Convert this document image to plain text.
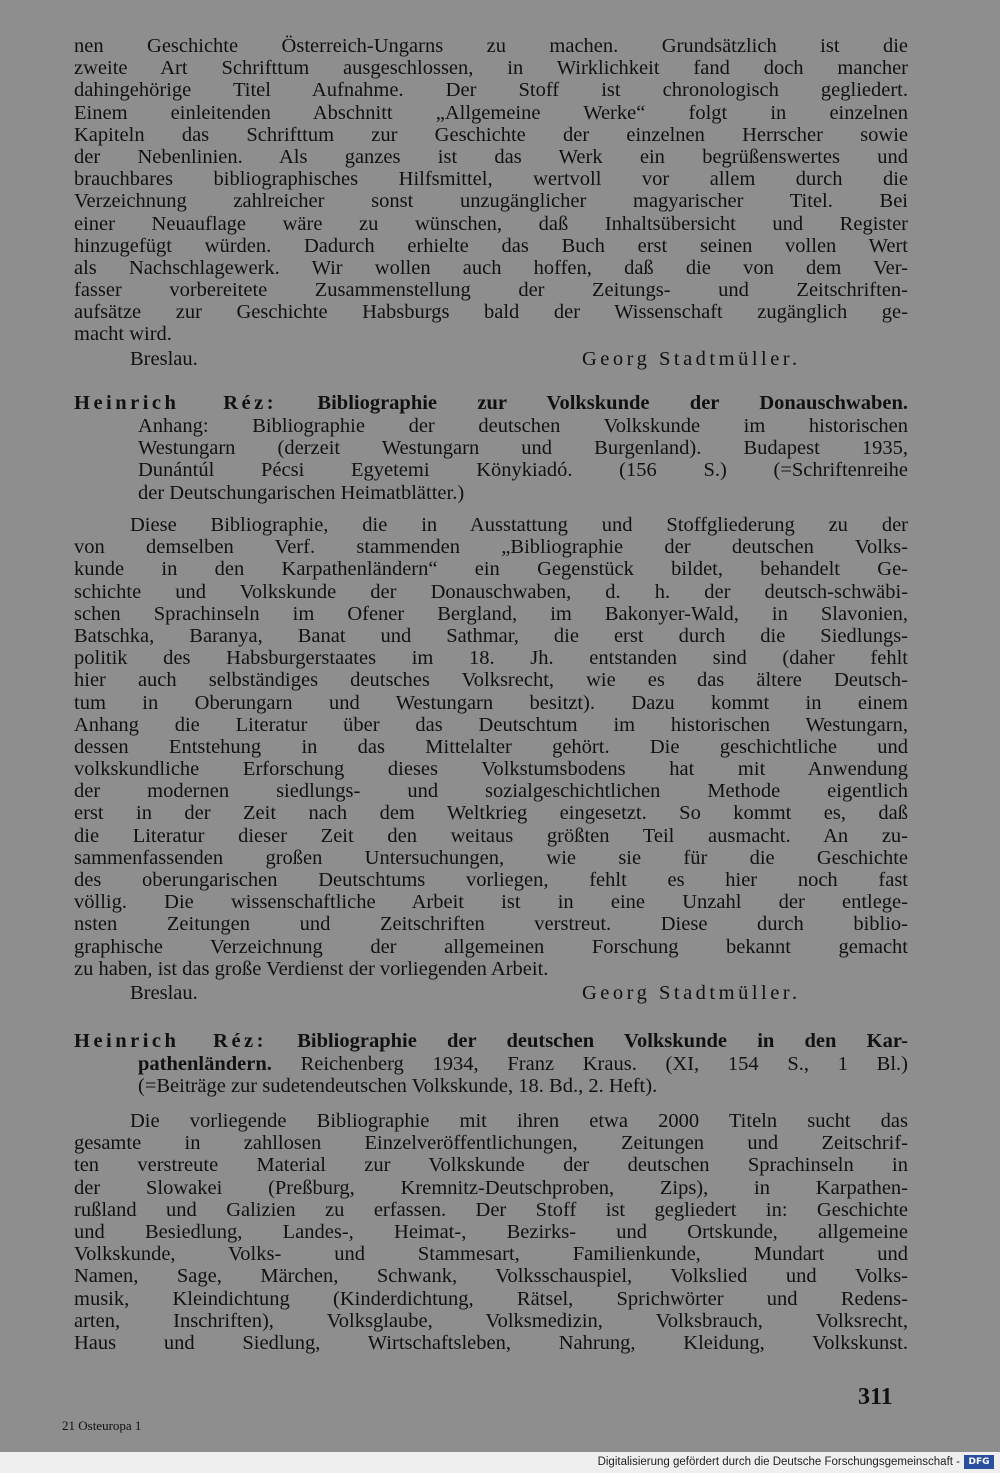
nen Geschichte Österreich-Ungarns zu machen. Grundsätzlich ist die
zweite Art Schrifttum ausgeschlossen, in Wirklichkeit fand doch mancher
dahingehörige Titel Aufnahme. Der Stoff ist chronologisch gegliedert.
Einem einleitenden Abschnitt „Allgemeine Werke“ folgt in einzelnen
Kapiteln das Schrifttum zur Geschichte der einzelnen Herrscher sowie
der Nebenlinien. Als ganzes ist das Werk ein begrüßenswertes und
brauchbares bibliographisches Hilfsmittel, wertvoll vor allem durch die
Verzeichnung zahlreicher sonst unzugänglicher magyarischer Titel. Bei
einer Neuauflage wäre zu wünschen, daß Inhaltsübersicht und Register
hinzugefügt würden. Dadurch erhielte das Buch erst seinen vollen Wert
als Nachschlagewerk. Wir wollen auch hoffen, daß die von dem Ver-
fasser vorbereitete Zusammenstellung der Zeitungs- und Zeitschriften-
aufsätze zur Geschichte Habsburgs bald der Wissenschaft zugänglich ge-
macht wird.
Breslau.	Georg Stadtmüller.
Heinrich Réz: Bibliographie zur Volkskunde der Donauschwaben.
Anhang: Bibliographie der deutschen Volkskunde im historischen
Westungarn (derzeit Westungarn und Burgenland). Budapest 1935,
Dunántúl Pécsi Egyetemi Könykiadó. (156 S.) (=Schriftenreihe
der Deutschungarischen Heimatblätter.)
Diese Bibliographie, die in Ausstattung und Stoffgliederung zu der
von demselben Verf. stammenden „Bibliographie der deutschen Volks-
kunde in den Karpathenländern“ ein Gegenstück bildet, behandelt Ge-
schichte und Volkskunde der Donauschwaben, d. h. der deutsch-schwäbi-
schen Sprachinseln im Ofener Bergland, im Bakonyer-Wald, in Slavonien,
Batschka, Baranya, Banat und Sathmar, die erst durch die Siedlungs-
politik des Habsburgerstaates im 18. Jh. entstanden sind (daher fehlt
hier auch selbständiges deutsches Volksrecht, wie es das ältere Deutsch-
tum in Oberungarn und Westungarn besitzt). Dazu kommt in einem
Anhang die Literatur über das Deutschtum im historischen Westungarn,
dessen Entstehung in das Mittelalter gehört. Die geschichtliche und
volkskundliche Erforschung dieses Volkstumsbodens hat mit Anwendung
der modernen siedlungs- und sozialgeschichtlichen Methode eigentlich
erst in der Zeit nach dem Weltkrieg eingesetzt. So kommt es, daß
die Literatur dieser Zeit den weitaus größten Teil ausmacht. An zu-
sammenfassenden großen Untersuchungen, wie sie für die Geschichte
des oberungarischen Deutschtums vorliegen, fehlt es hier noch fast
völlig. Die wissenschaftliche Arbeit ist in eine Unzahl der entlege-
nsten Zeitungen und Zeitschriften verstreut. Diese durch biblio-
graphische Verzeichnung der allgemeinen Forschung bekannt gemacht
zu haben, ist das große Verdienst der vorliegenden Arbeit.
Breslau.	Georg Stadtmüller.
Heinrich Réz: Bibliographie der deutschen Volkskunde in den Kar-
pathenländern. Reichenberg 1934, Franz Kraus. (XI, 154 S., 1 Bl.)
(=Beiträge zur sudetendeutschen Volkskunde, 18. Bd., 2. Heft).
Die vorliegende Bibliographie mit ihren etwa 2000 Titeln sucht das
gesamte in zahllosen Einzelveröffentlichungen, Zeitungen und Zeitschrif-
ten verstreute Material zur Volkskunde der deutschen Sprachinseln in
der Slowakei (Preßburg, Kremnitz-Deutschproben, Zips), in Karpathen-
rußland und Galizien zu erfassen. Der Stoff ist gegliedert in: Geschichte
und Besiedlung, Landes-, Heimat-, Bezirks- und Ortskunde, allgemeine
Volkskunde, Volks- und Stammesart, Familienkunde, Mundart und
Namen, Sage, Märchen, Schwank, Volksschauspiel, Volkslied und Volks-
musik, Kleindichtung (Kinderdichtung, Rätsel, Sprichwörter und Redens-
arten, Inschriften), Volksglaube, Volksmedizin, Volksbrauch, Volksrecht,
Haus und Siedlung, Wirtschaftsleben, Nahrung, Kleidung, Volkskunst.
311
21 Osteuropa 1
Digitalisierung gefördert durch die Deutsche Forschungsgemeinschaft - DFG
